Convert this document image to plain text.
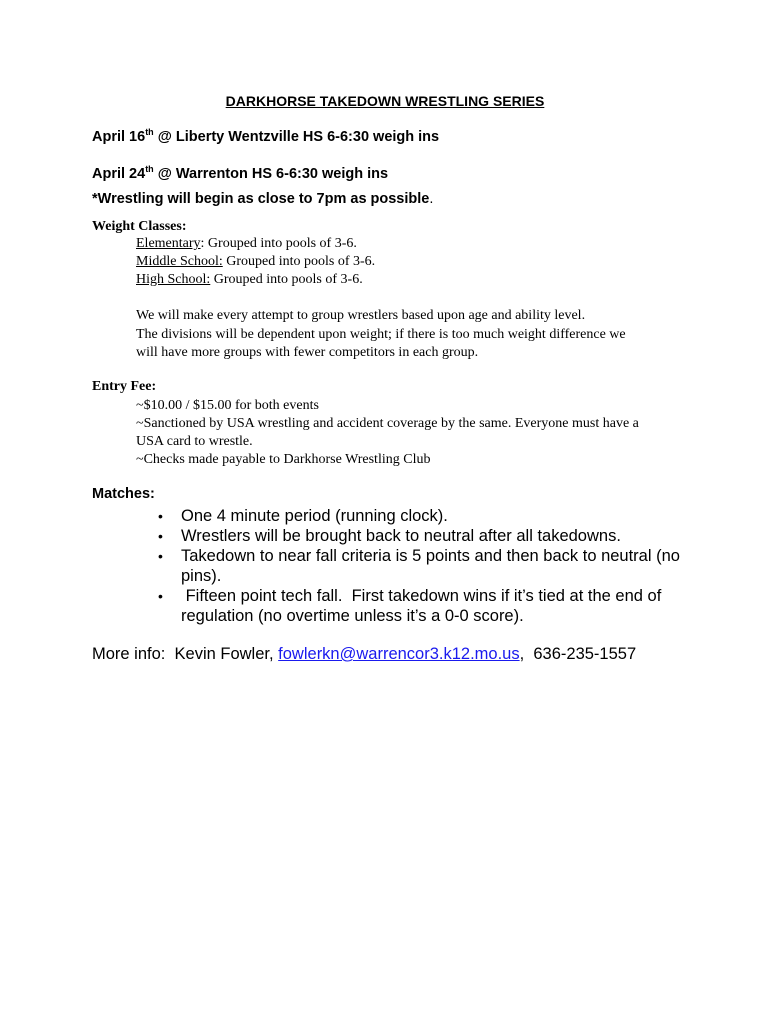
DARKHORSE TAKEDOWN WRESTLING SERIES
April 16th @ Liberty Wentzville HS 6-6:30 weigh ins
April 24th @ Warrenton HS 6-6:30 weigh ins
*Wrestling will begin as close to 7pm as possible.
Weight Classes:
Elementary: Grouped into pools of 3-6.
Middle School: Grouped into pools of 3-6.
High School: Grouped into pools of 3-6.
We will make every attempt to group wrestlers based upon age and ability level.
The divisions will be dependent upon weight; if there is too much weight difference we
will have more groups with fewer competitors in each group.
Entry Fee:
~$10.00 / $15.00 for both events
~Sanctioned by USA wrestling and accident coverage by the same. Everyone must have a
USA card to wrestle.
~Checks made payable to Darkhorse Wrestling Club
Matches:
• One 4 minute period (running clock).
• Wrestlers will be brought back to neutral after all takedowns.
• Takedown to near fall criteria is 5 points and then back to neutral (no
pins).
• Fifteen point tech fall.  First takedown wins if it’s tied at the end of
regulation (no overtime unless it’s a 0-0 score).
More info:  Kevin Fowler, fowlerkn@warrencor3.k12.mo.us,  636-235-1557
